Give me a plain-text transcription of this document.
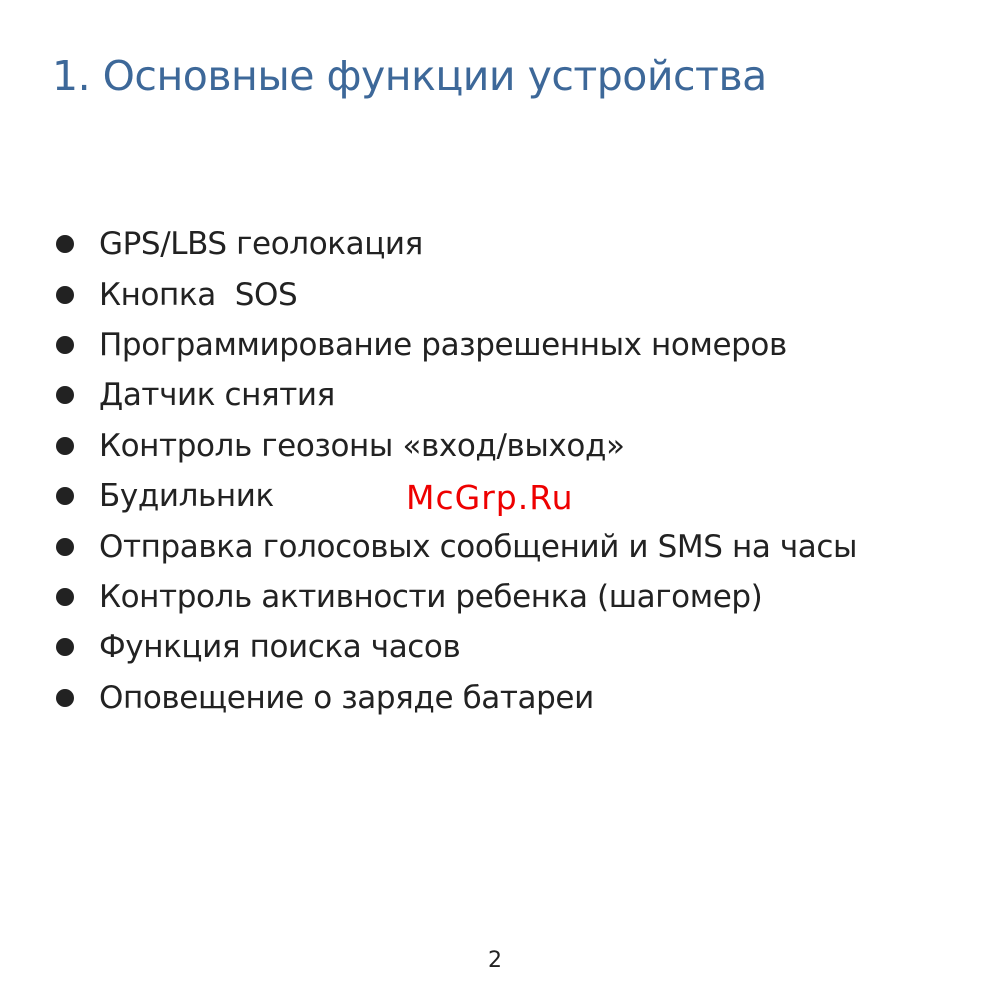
1. Основные функции устройства
GPS/LBS геолокация
Кнопка  SOS
Программирование разрешенных номеров
Датчик снятия
Контроль геозоны «вход/выход»
Будильник
Отправка голосовых сообщений и SMS на часы
Контроль активности ребенка (шагомер)
Функция поиска часов
Оповещение о заряде батареи
McGrp.Ru
2
